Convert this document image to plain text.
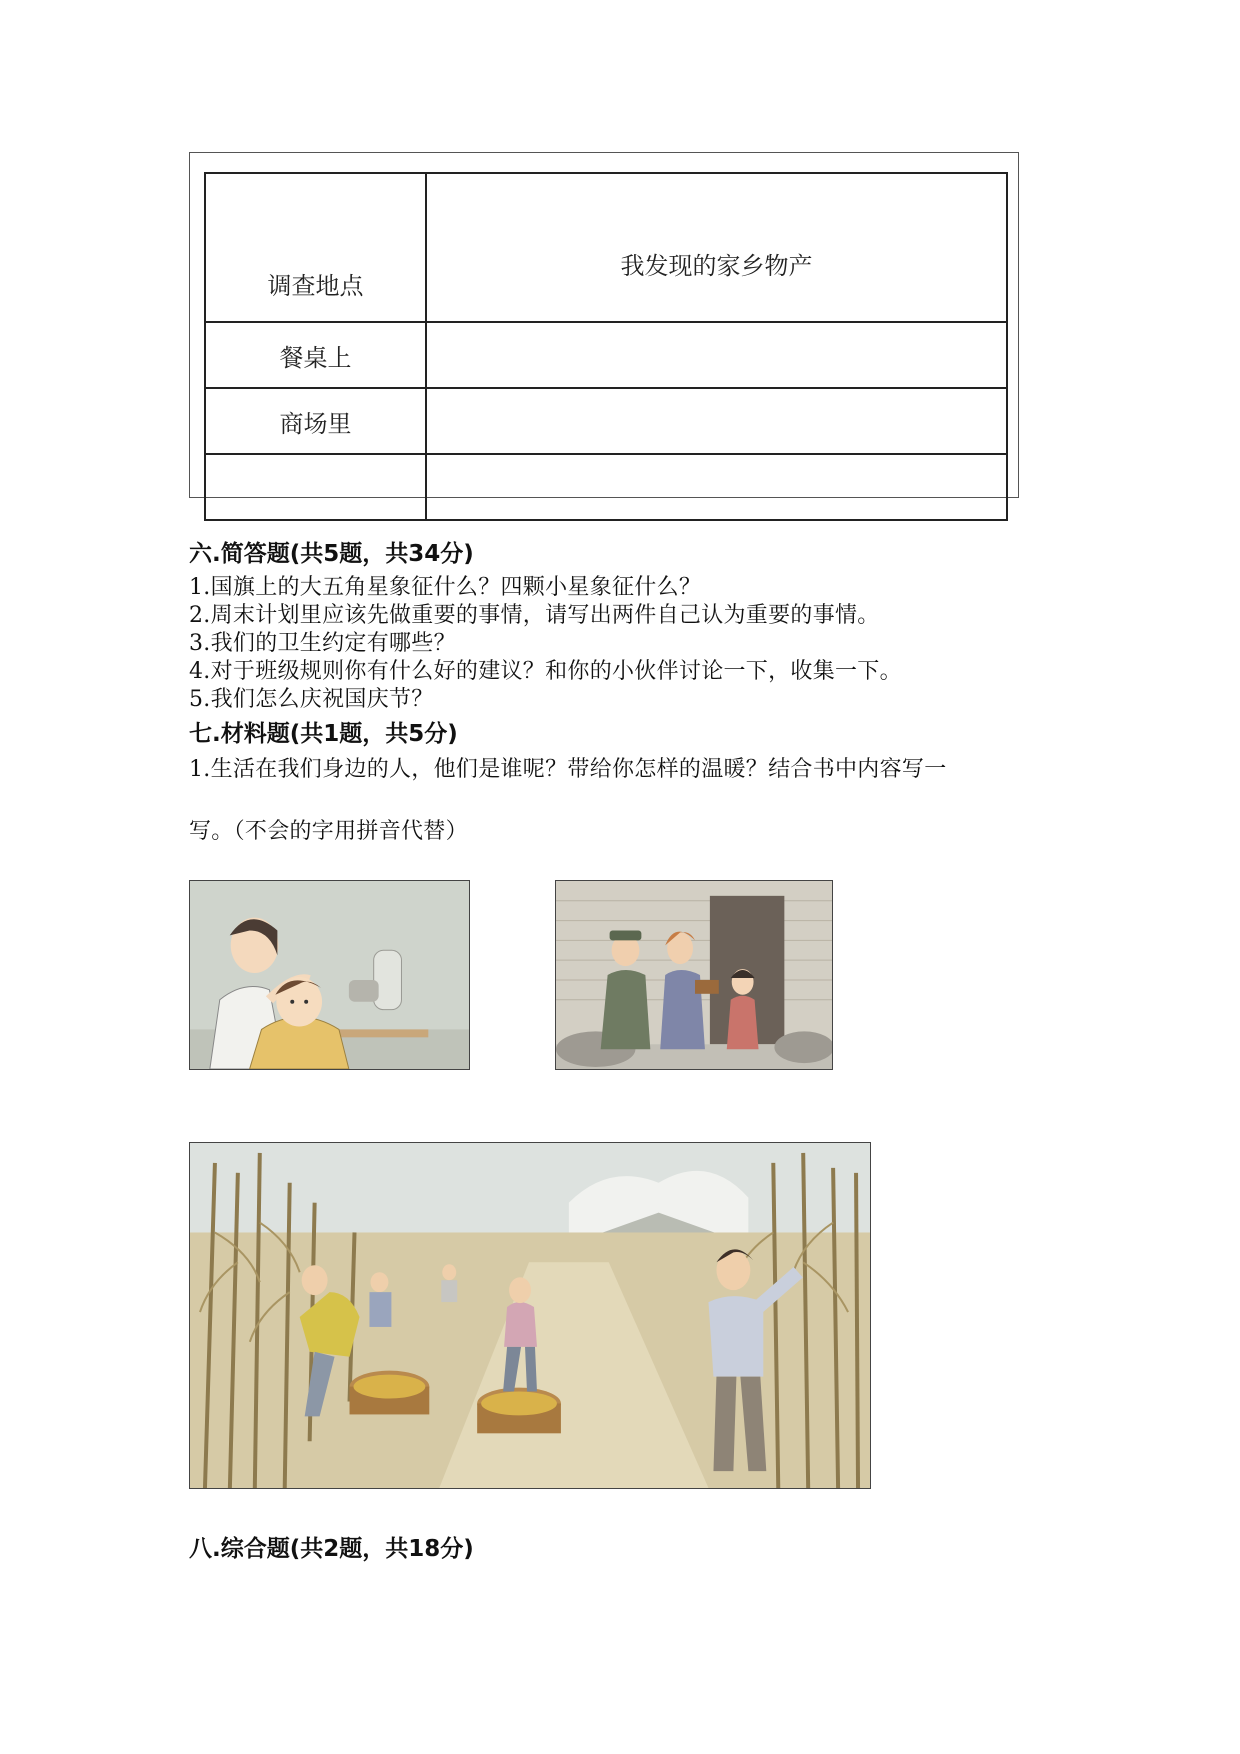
调查地点	我发现的家乡物产
餐桌上	
商场里	

六.简答题(共5题，共34分)
1.国旗上的大五角星象征什么？四颗小星象征什么？
2.周末计划里应该先做重要的事情，请写出两件自己认为重要的事情。
3.我们的卫生约定有哪些？
4.对于班级规则你有什么好的建议？和你的小伙伴讨论一下，收集一下。
5.我们怎么庆祝国庆节？
七.材料题(共1题，共5分)
1.生活在我们身边的人，他们是谁呢？带给你怎样的温暖？结合书中内容写一
写。（不会的字用拼音代替）
八.综合题(共2题，共18分)
